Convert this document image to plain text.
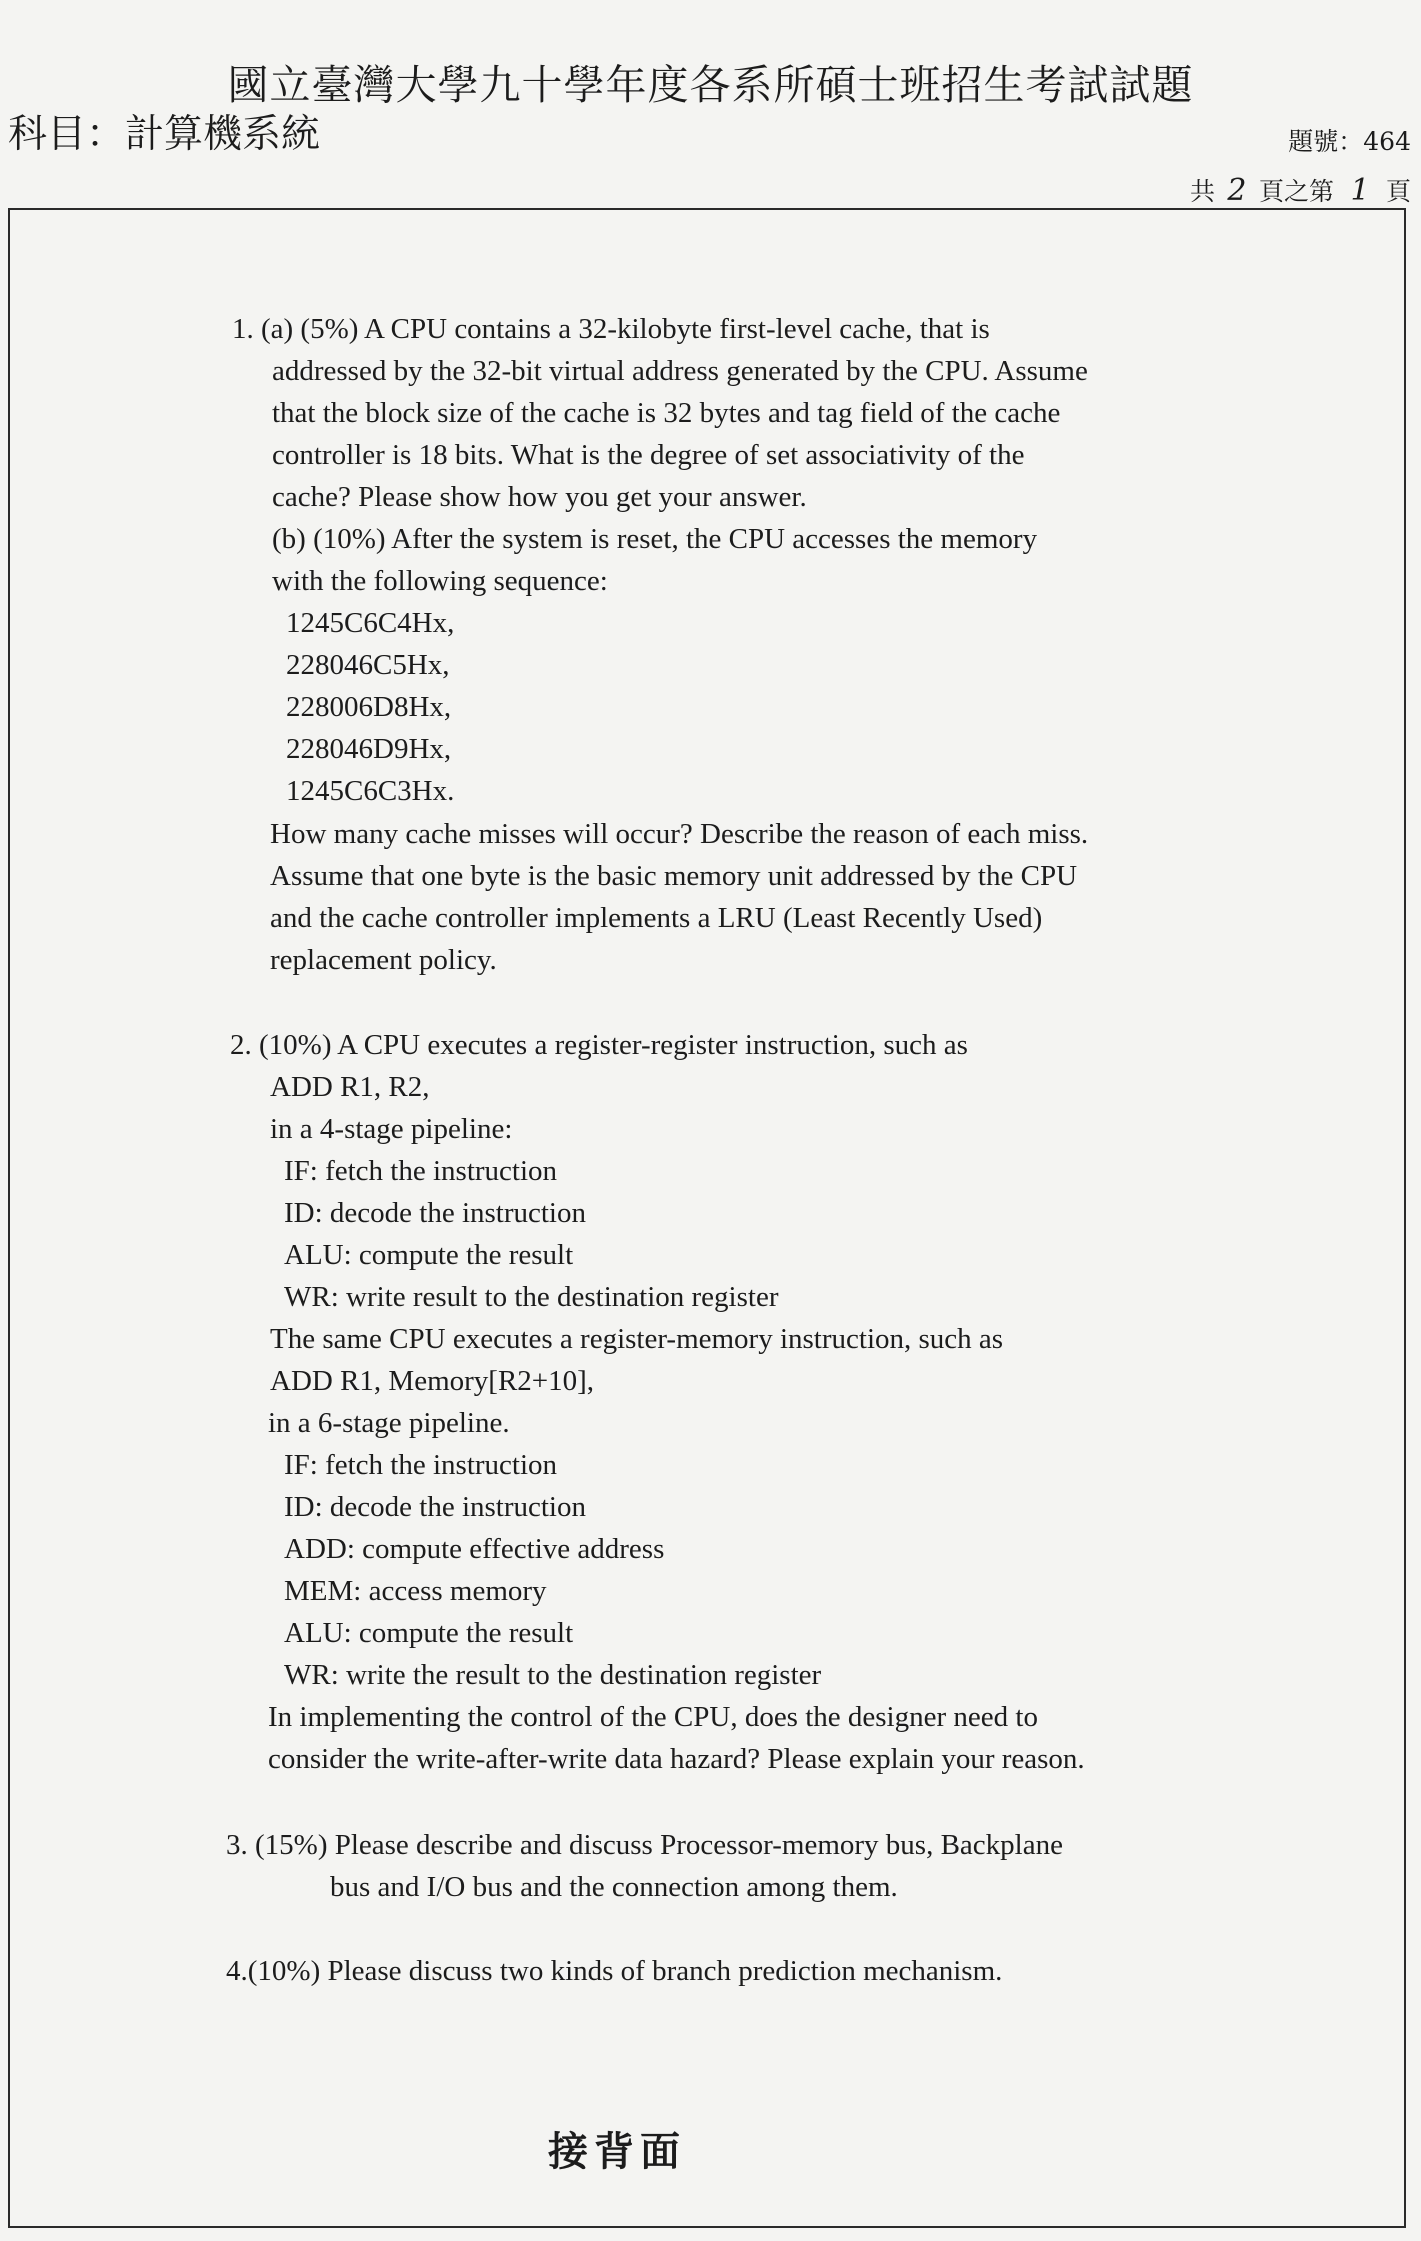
國立臺灣大學九十學年度各系所碩士班招生考試試題
科目：計算機系統	題號：464
共 2 頁之第 1 頁
1. (a) (5%) A CPU contains a 32-kilobyte first-level cache, that is
addressed by the 32-bit virtual address generated by the CPU. Assume
that the block size of the cache is 32 bytes and tag field of the cache
controller is 18 bits. What is the degree of set associativity of the
cache? Please show how you get your answer.
(b) (10%) After the system is reset, the CPU accesses the memory
with the following sequence:
1245C6C4Hx,
228046C5Hx,
228006D8Hx,
228046D9Hx,
1245C6C3Hx.
How many cache misses will occur? Describe the reason of each miss.
Assume that one byte is the basic memory unit addressed by the CPU
and the cache controller implements a LRU (Least Recently Used)
replacement policy.
2. (10%) A CPU executes a register-register instruction, such as
ADD R1, R2,
in a 4-stage pipeline:
IF: fetch the instruction
ID: decode the instruction
ALU: compute the result
WR: write result to the destination register
The same CPU executes a register-memory instruction, such as
ADD R1, Memory[R2+10],
in a 6-stage pipeline.
IF: fetch the instruction
ID: decode the instruction
ADD: compute effective address
MEM: access memory
ALU: compute the result
WR: write the result to the destination register
In implementing the control of the CPU, does the designer need to
consider the write-after-write data hazard? Please explain your reason.
3. (15%) Please describe and discuss Processor-memory bus, Backplane
bus and I/O bus and the connection among them.
4.(10%) Please discuss two kinds of branch prediction mechanism.
接背面
